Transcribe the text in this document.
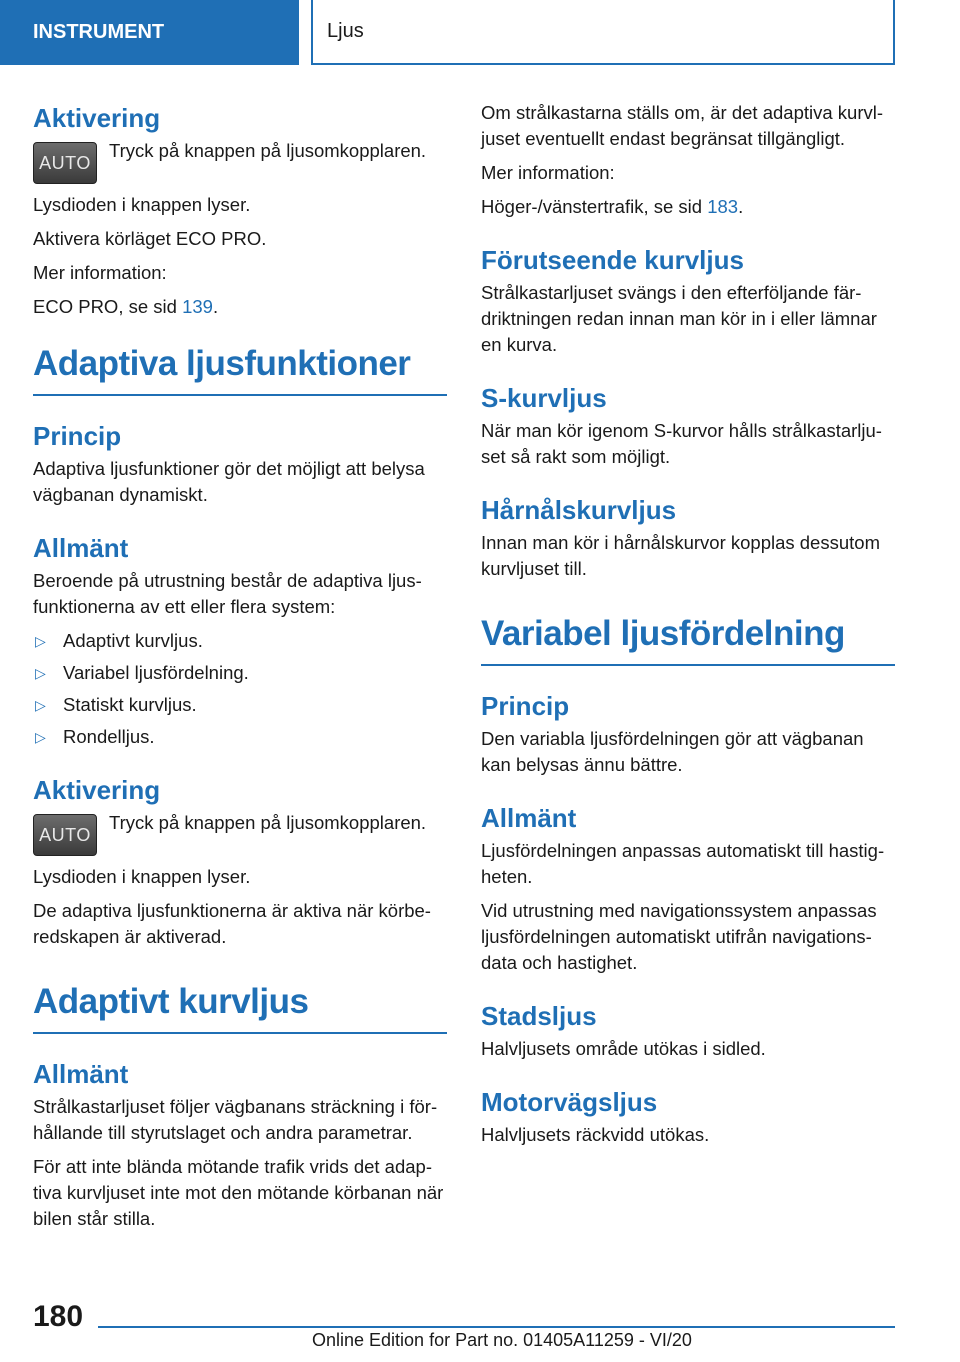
INSTRUMENT	Ljus
Aktivering
AUTO

Tryck på knappen på ljusomkopplaren.

Lysdioden i knappen lyser.

Aktivera körläget ECO PRO.

Mer information:

ECO PRO, se sid 139.

Adaptiva ljusfunktioner
Princip

Adaptiva ljusfunktioner gör det möjligt att belysa vägbanan dynamiskt.

Allmänt

Beroende på utrustning består de adaptiva ljus-funktionerna av ett eller flera system:

▷ Adaptivt kurvljus.
▷ Variabel ljusfördelning.
▷ Statiskt kurvljus.
▷ Rondelljus.
Aktivering
AUTO

Tryck på knappen på ljusomkopplaren.

Lysdioden i knappen lyser.

De adaptiva ljusfunktionerna är aktiva när körbe-redskapen är aktiverad.

Adaptivt kurvljus
Allmänt

Strålkastarljuset följer vägbanans sträckning i för-hållande till styrutslaget och andra parametrar.

För att inte blända mötande trafik vrids det adap-tiva kurvljuset inte mot den mötande körbanan när bilen står stilla.

Om strålkastarna ställs om, är det adaptiva kurvl-juset eventuellt endast begränsat tillgängligt.

Mer information:

Höger-/vänstertrafik, se sid 183.

Förutseende kurvljus

Strålkastarljuset svängs i den efterföljande fär-driktningen redan innan man kör in i eller lämnar en kurva.

S-kurvljus

När man kör igenom S-kurvor hålls strålkastarlju-set så rakt som möjligt.

Hårnålskurvljus

Innan man kör i hårnålskurvor kopplas dessutom kurvljuset till.

Variabel ljusfördelning
Princip

Den variabla ljusfördelningen gör att vägbanan kan belysas ännu bättre.

Allmänt

Ljusfördelningen anpassas automatiskt till hastig-heten.

Vid utrustning med navigationssystem anpassas ljusfördelningen automatiskt utifrån navigations-data och hastighet.

Stadsljus

Halvljusets område utökas i sidled.

Motorvägsljus

Halvljusets räckvidd utökas.

180
Online Edition for Part no. 01405A11259 - VI/20
